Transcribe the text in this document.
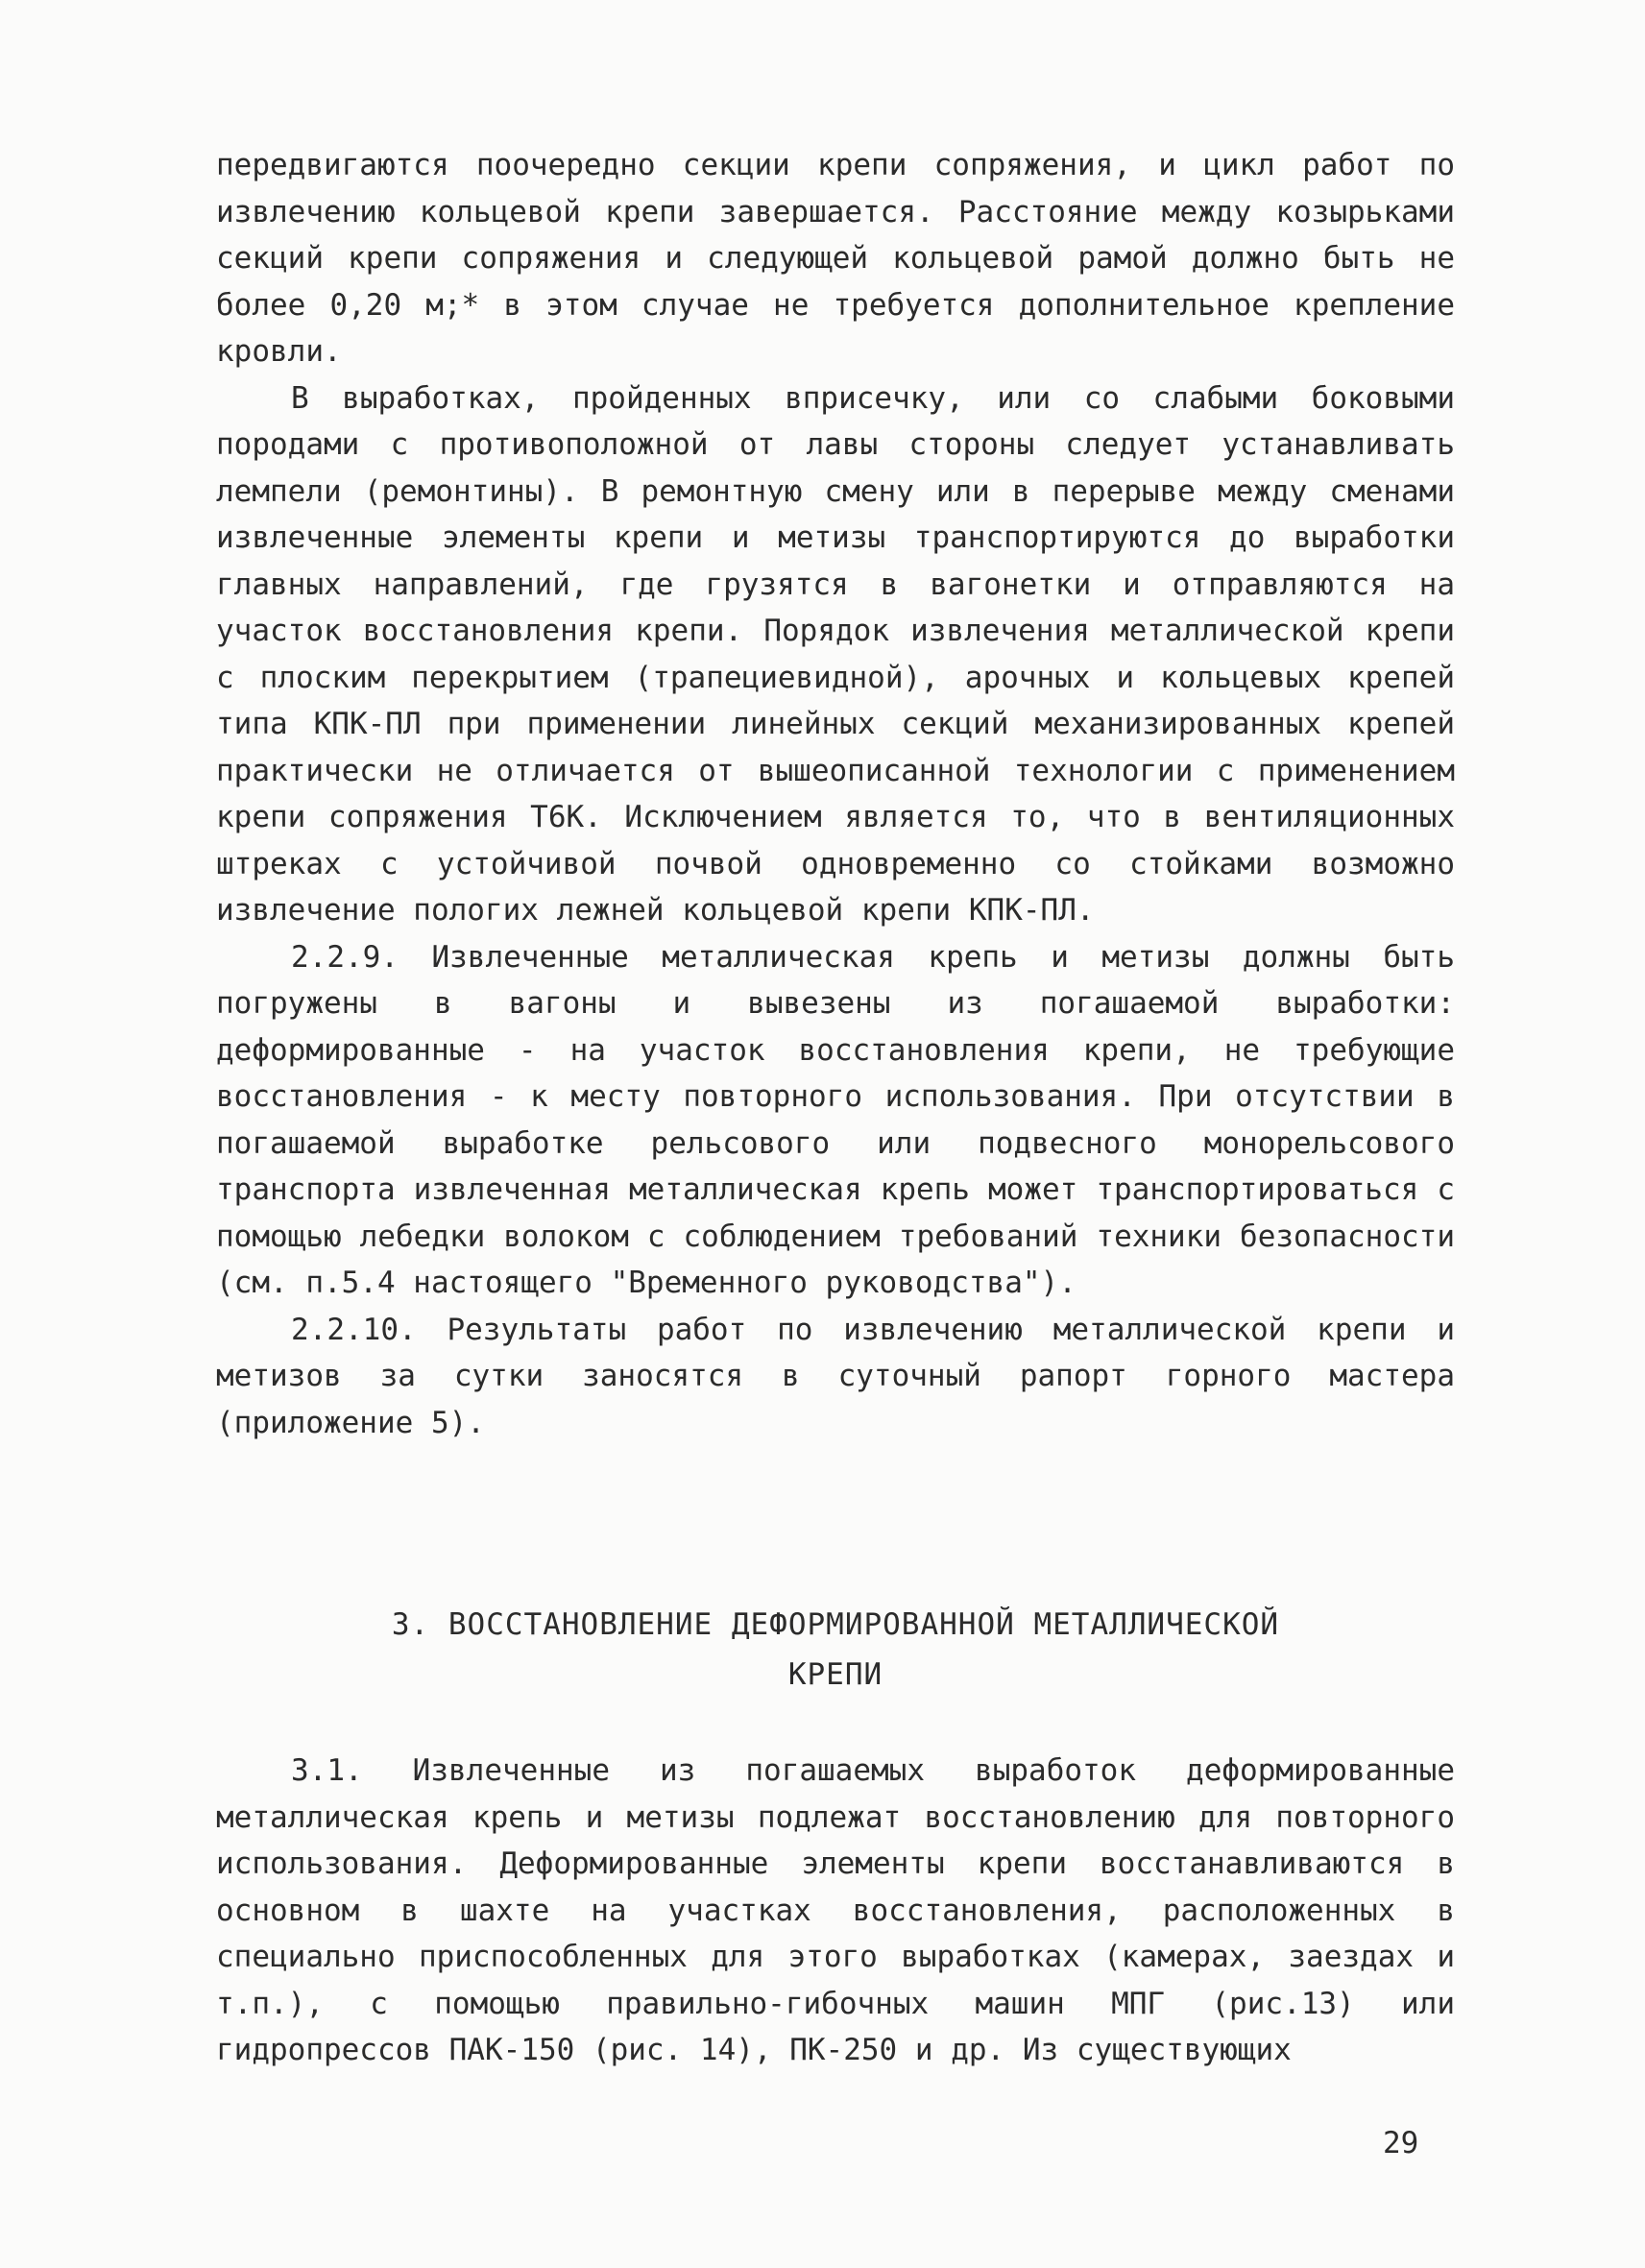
передвигаются поочередно секции крепи сопряжения, и цикл работ по извлечению кольцевой крепи завершается. Расстояние между козырьками секций крепи сопряжения и следующей кольцевой рамой должно быть не более 0,20 м;* в этом случае не требуется дополнительное крепление кровли.

В выработках, пройденных вприсечку, или со слабыми боковыми породами с противоположной от лавы стороны следует устанавливать лемпели (ремонтины). В ремонтную смену или в перерыве между сменами извлеченные элементы крепи и метизы транспортируются до выработки главных направлений, где грузятся в вагонетки и отправляются на участок восстановления крепи. Порядок извлечения металлической крепи с плоским перекрытием (трапециевидной), арочных и кольцевых крепей типа КПК-ПЛ при применении линейных секций механизированных крепей практически не отличается от вышеописанной технологии с применением крепи сопряжения Т6К. Исключением является то, что в вентиляционных штреках с устойчивой почвой одновременно со стойками возможно извлечение пологих лежней кольцевой крепи КПК-ПЛ.

2.2.9. Извлеченные металлическая крепь и метизы должны быть погружены в вагоны и вывезены из погашаемой выработки: деформированные - на участок восстановления крепи, не требующие восстановления - к месту повторного использования. При отсутствии в погашаемой выработке рельсового или подвесного монорельсового транспорта извлеченная металлическая крепь может транспортироваться с помощью лебедки волоком с соблюдением требований техники безопасности (см. п.5.4 настоящего "Временного руководства").

2.2.10. Результаты работ по извлечению металлической крепи и метизов за сутки заносятся в суточный рапорт горного мастера (приложение 5).

3. ВОССТАНОВЛЕНИЕ ДЕФОРМИРОВАННОЙ МЕТАЛЛИЧЕСКОЙ
КРЕПИ

3.1. Извлеченные из погашаемых выработок деформированные металлическая крепь и метизы подлежат восстановлению для повторного использования. Деформированные элементы крепи восстанавливаются в основном в шахте на участках восстановления, расположенных в специально приспособленных для этого выработках (камерах, заездах и т.п.), с помощью правильно-гибочных машин МПГ (рис.13) или гидропрессов ПАК-150 (рис. 14), ПК-250 и др. Из существующих

29
